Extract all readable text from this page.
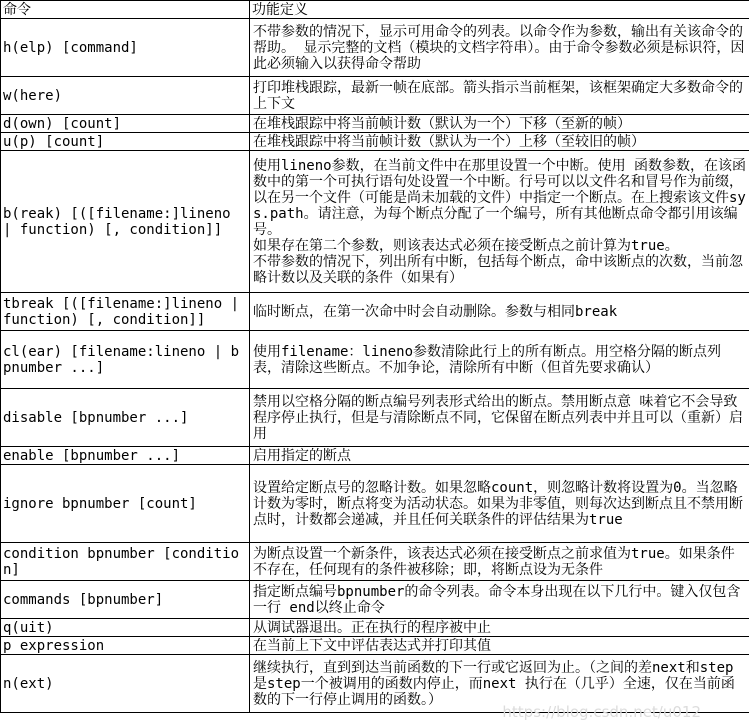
命令	功能定义
h(elp) [command]	不带参数的情况下，显示可用命令的列表。以命令作为参数，输出有关该命令的帮助。 显示完整的文档（模块的文档字符串）。由于命令参数必须是标识符，因此必须输入以获得命令帮助

w(here)	打印堆栈跟踪，最新一帧在底部。箭头指示当前框架，该框架确定大多数命令的上下文

d(own) [count]	在堆栈跟踪中将当前帧计数（默认为一个）下移（至新的帧）

u(p) [count]	在堆栈跟踪中将当前帧计数（默认为一个）上移（至较旧的帧）

b(reak) [([filename:]lineno | function) [, condition]]	使用lineno参数，在当前文件中在那里设置一个中断。使用 函数参数，在该函数中的第一个可执行语句处设置一个中断。行号可以以文件名和冒号作为前缀，以在另一个文件（可能是尚未加载的文件）中指定一个断点。在上搜索该文件sys.path。请注意，为每个断点分配了一个编号，所有其他断点命令都引用该编号。

如果存在第二个参数，则该表达式必须在接受断点之前计算为true。

不带参数的情况下，列出所有中断，包括每个断点，命中该断点的次数，当前忽略计数以及关联的条件（如果有）

tbreak [([filename:]lineno | function) [, condition]]	临时断点，在第一次命中时会自动删除。参数与相同break

cl(ear) [filename:lineno | bpnumber ...]	使用filename：lineno参数清除此行上的所有断点。用空格分隔的断点列表，清除这些断点。不加争论，清除所有中断（但首先要求确认）

disable [bpnumber ...]	禁用以空格分隔的断点编号列表形式给出的断点。禁用断点意 味着它不会导致程序停止执行，但是与清除断点不同，它保留在断点列表中并且可以（重新）启用

enable [bpnumber ...]	启用指定的断点

ignore bpnumber [count]	设置给定断点号的忽略计数。如果忽略count，则忽略计数将设置为0。当忽略计数为零时，断点将变为活动状态。如果为非零值，则每次达到断点且不禁用断点时，计数都会递减，并且任何关联条件的评估结果为true

condition bpnumber [condition]	为断点设置一个新条件，该表达式必须在接受断点之前求值为true。如果条件不存在，任何现有的条件被移除；即，将断点设为无条件

commands [bpnumber]	指定断点编号bpnumber的命令列表。命令本身出现在以下几行中。键入仅包含一行 end以终止命令

q(uit)	从调试器退出。正在执行的程序被中止

p expression	在当前上下文中评估表达式并打印其值

n(ext)	继续执行，直到到达当前函数的下一行或它返回为止。（之间的差next和step是step一个被调用的函数内停止，而next 执行在（几乎）全速，仅在当前函数的下一行停止调用的函数。）

https://blog.csdn.net/u012
